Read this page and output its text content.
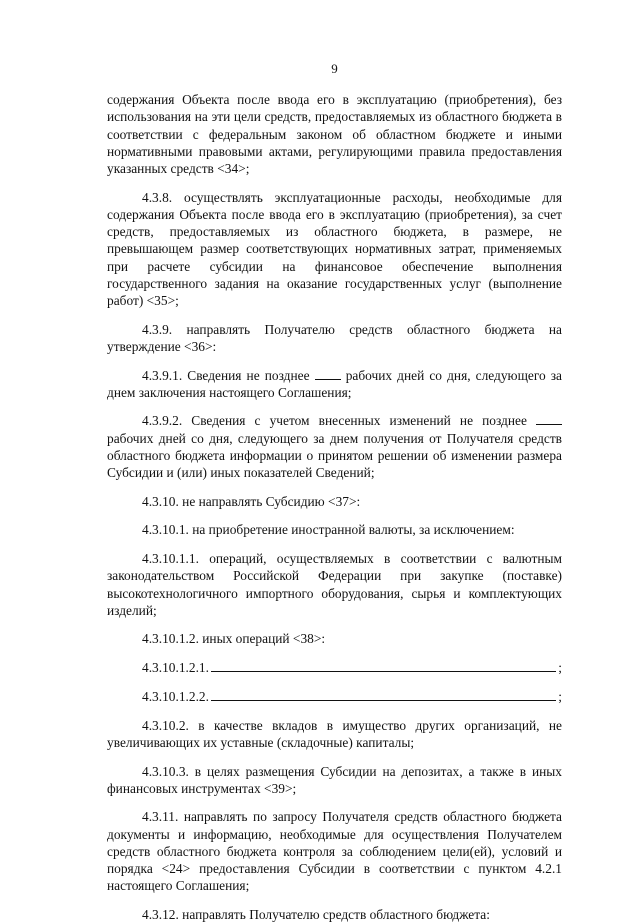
9

содержания Объекта после ввода его в эксплуатацию (приобретения), без использования на эти цели средств, предоставляемых из областного бюджета в соответствии с федеральным законом об областном бюджете и иными нормативными правовыми актами, регулирующими правила предоставления указанных средств <34>;

4.3.8. осуществлять эксплуатационные расходы, необходимые для содержания Объекта после ввода его в эксплуатацию (приобретения), за счет средств, предоставляемых из областного бюджета, в размере, не превышающем размер соответствующих нормативных затрат, применяемых при расчете субсидии на финансовое обеспечение выполнения государственного задания на оказание государственных услуг (выполнение работ) <35>;

4.3.9. направлять Получателю средств областного бюджета на утверждение <36>:

4.3.9.1. Сведения не позднее	рабочих дней со дня, следующего за днем заключения настоящего Соглашения;

4.3.9.2. Сведения с учетом внесенных изменений не позднее  рабочих дней со дня, следующего за днем получения от Получателя средств областного бюджета информации о принятом решении об изменении размера Субсидии и (или) иных показателей Сведений;

4.3.10. не направлять Субсидию <37>:

4.3.10.1. на приобретение иностранной валюты, за исключением:

4.3.10.1.1. операций, осуществляемых в соответствии с валютным законодательством Российской Федерации при закупке (поставке) высокотехнологичного импортного оборудования, сырья и комплектующих изделий;

4.3.10.1.2. иных операций <38>:

4.3.10.1.2.1.	;
4.3.10.1.2.2.	;

4.3.10.2. в качестве вкладов в имущество других организаций, не увеличивающих их уставные (складочные) капиталы;

4.3.10.3. в целях размещения Субсидии на депозитах, а также в иных финансовых инструментах <39>;

4.3.11. направлять по запросу Получателя средств областного бюджета документы и информацию, необходимые для осуществления Получателем средств областного бюджета контроля за соблюдением цели(ей), условий и порядка <24> предоставления Субсидии в соответствии с пунктом 4.2.1 настоящего Соглашения;

4.3.12. направлять Получателю средств областного бюджета:
